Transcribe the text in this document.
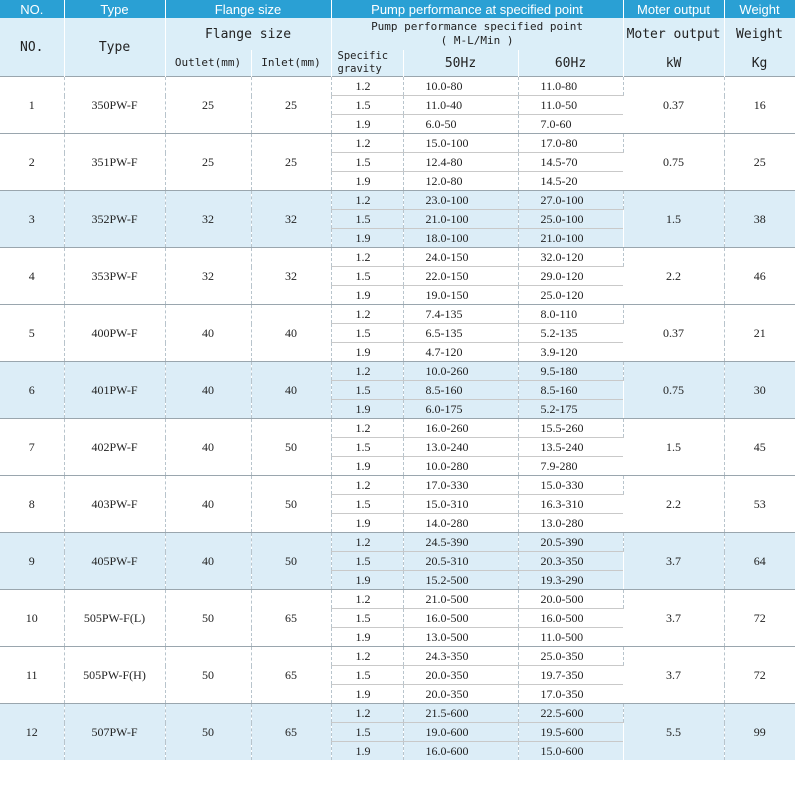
NO.	Type	Flange size		Pump performance at specified point			Moter output	Weight
NO.	Type	Flange size		Pump performance specified point
( M-L/Min )			Moter output	Weight
		Outlet(mm)	Inlet(mm)	Specific
gravity	50Hz	60Hz	kW	Kg
1	350PW-F	25	25	1.2	10.0-80	11.0-80	0.37	16
				1.5	11.0-40	11.0-50		
				1.9	6.0-50	7.0-60		
2	351PW-F	25	25	1.2	15.0-100	17.0-80	0.75	25
				1.5	12.4-80	14.5-70		
				1.9	12.0-80	14.5-20		
3	352PW-F	32	32	1.2	23.0-100	27.0-100	1.5	38
				1.5	21.0-100	25.0-100		
				1.9	18.0-100	21.0-100		
4	353PW-F	32	32	1.2	24.0-150	32.0-120	2.2	46
				1.5	22.0-150	29.0-120		
				1.9	19.0-150	25.0-120		
5	400PW-F	40	40	1.2	7.4-135	8.0-110	0.37	21
				1.5	6.5-135	5.2-135		
				1.9	4.7-120	3.9-120		
6	401PW-F	40	40	1.2	10.0-260	9.5-180	0.75	30
				1.5	8.5-160	8.5-160		
				1.9	6.0-175	5.2-175		
7	402PW-F	40	50	1.2	16.0-260	15.5-260	1.5	45
				1.5	13.0-240	13.5-240		
				1.9	10.0-280	7.9-280		
8	403PW-F	40	50	1.2	17.0-330	15.0-330	2.2	53
				1.5	15.0-310	16.3-310		
				1.9	14.0-280	13.0-280		
9	405PW-F	40	50	1.2	24.5-390	20.5-390	3.7	64
				1.5	20.5-310	20.3-350		
				1.9	15.2-500	19.3-290		
10	505PW-F(L)	50	65	1.2	21.0-500	20.0-500	3.7	72
				1.5	16.0-500	16.0-500		
				1.9	13.0-500	11.0-500		
11	505PW-F(H)	50	65	1.2	24.3-350	25.0-350	3.7	72
				1.5	20.0-350	19.7-350		
				1.9	20.0-350	17.0-350		
12	507PW-F	50	65	1.2	21.5-600	22.5-600	5.5	99
				1.5	19.0-600	19.5-600		
				1.9	16.0-600	15.0-600		
